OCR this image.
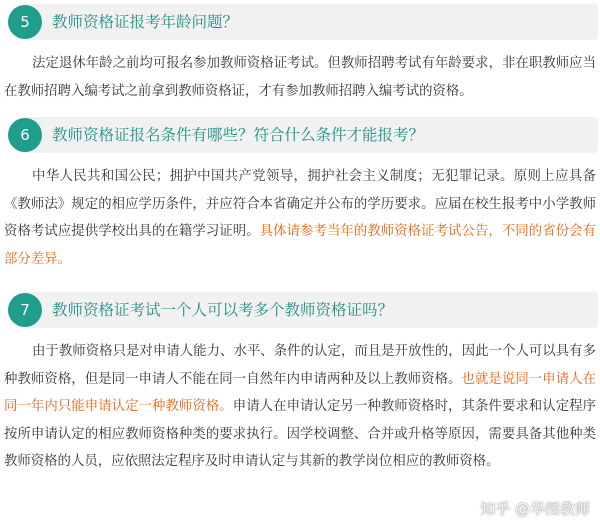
5	教师资格证报考年龄问题？

法定退休年龄之前均可报名参加教师资格证考试。但教师招聘考试有年龄要求，非在职教师应当在教师招聘入编考试之前拿到教师资格证，才有参加教师招聘入编考试的资格。

6	教师资格证报名条件有哪些？符合什么条件才能报考？

中华人民共和国公民；拥护中国共产党领导，拥护社会主义制度；无犯罪记录。原则上应具备《教师法》规定的相应学历条件，并应符合本省确定并公布的学历要求。应届在校生报考中小学教师资格考试应提供学校出具的在籍学习证明。具体请参考当年的教师资格证考试公告，不同的省份会有部分差异。

7	教师资格证考试一个人可以考多个教师资格证吗？

由于教师资格只是对申请人能力、水平、条件的认定，而且是开放性的，因此一个人可以具有多种教师资格，但是同一申请人不能在同一自然年内申请两种及以上教师资格。也就是说同一申请人在同一年内只能申请认定一种教师资格。申请人在申请认定另一种教师资格时，其条件要求和认定程序按所申请认定的相应教师资格种类的要求执行。因学校调整、合并或升格等原因，需要具备其他种类教师资格的人员，应依照法定程序及时申请认定与其新的教学岗位相应的教师资格。

知乎 @华图教师
